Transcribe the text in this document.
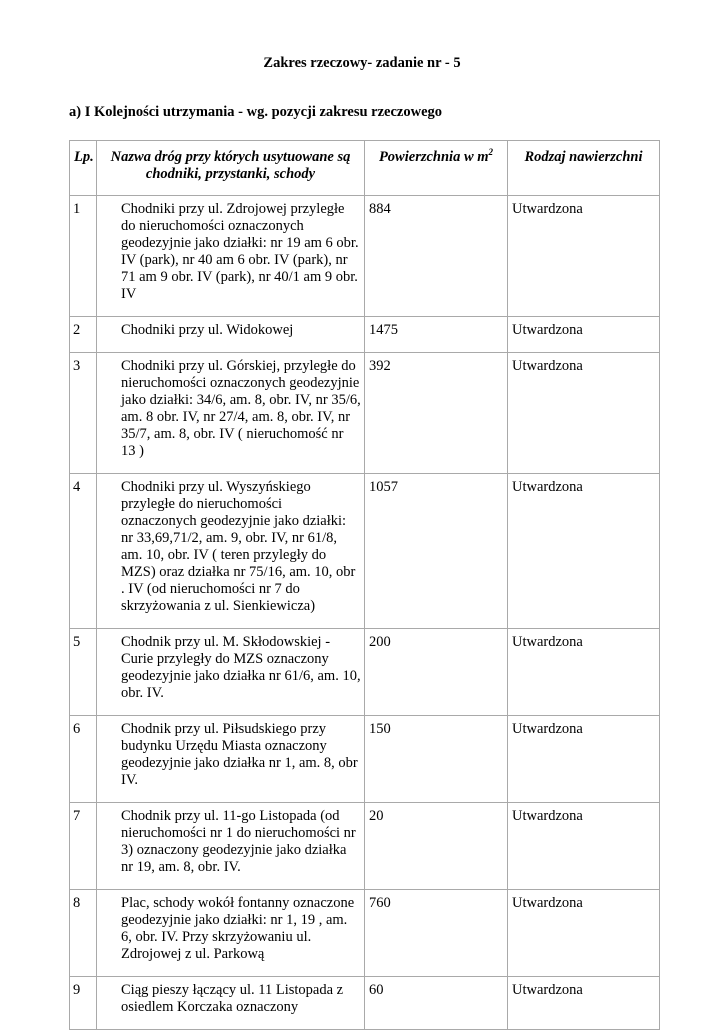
Zakres rzeczowy- zadanie nr - 5
a) I Kolejności utrzymania - wg. pozycji zakresu rzeczowego
Lp.	Nazwa dróg przy których usytuowane są chodniki, przystanki, schody	Powierzchnia w $m^2$	Rodzaj nawierzchni
1	Chodniki przy ul. Zdrojowej przyległe do nieruchomości oznaczonych geodezyjnie jako działki: nr 19 am 6 obr. IV (park), nr 40 am 6 obr. IV (park), nr 71 am 9 obr. IV (park), nr 40/1 am 9 obr. IV	884	Utwardzona
2	Chodniki przy ul. Widokowej	1475	Utwardzona
3	Chodniki przy ul. Górskiej, przyległe do nieruchomości oznaczonych geodezyjnie jako działki: 34/6, am. 8, obr. IV, nr 35/6, am. 8 obr. IV, nr 27/4, am. 8, obr. IV, nr 35/7, am. 8, obr. IV ( nieruchomość nr 13 )	392	Utwardzona
4	Chodniki przy ul. Wyszyńskiego przyległe do nieruchomości oznaczonych geodezyjnie jako działki: nr 33,69,71/2, am. 9, obr. IV, nr 61/8, am. 10, obr. IV ( teren przyległy do MZS) oraz działka nr 75/16, am. 10, obr . IV (od nieruchomości nr 7 do skrzyżowania z ul. Sienkiewicza)	1057	Utwardzona
5	Chodnik przy ul. M. Skłodowskiej -Curie przyległy do MZS oznaczony geodezyjnie jako działka nr 61/6, am. 10, obr. IV.	200	Utwardzona
6	Chodnik przy ul. Piłsudskiego przy budynku Urzędu Miasta oznaczony geodezyjnie jako działka nr 1, am. 8, obr IV.	150	Utwardzona
7	Chodnik przy ul. 11-go Listopada (od nieruchomości nr 1 do nieruchomości nr 3) oznaczony geodezyjnie jako działka nr 19, am. 8, obr. IV.	20	Utwardzona
8	Plac, schody wokół fontanny oznaczone geodezyjnie jako działki: nr 1, 19 , am. 6, obr. IV. Przy skrzyżowaniu ul. Zdrojowej z ul. Parkową	760	Utwardzona
9	Ciąg pieszy łączący ul. 11 Listopada z osiedlem Korczaka oznaczony	60	Utwardzona
